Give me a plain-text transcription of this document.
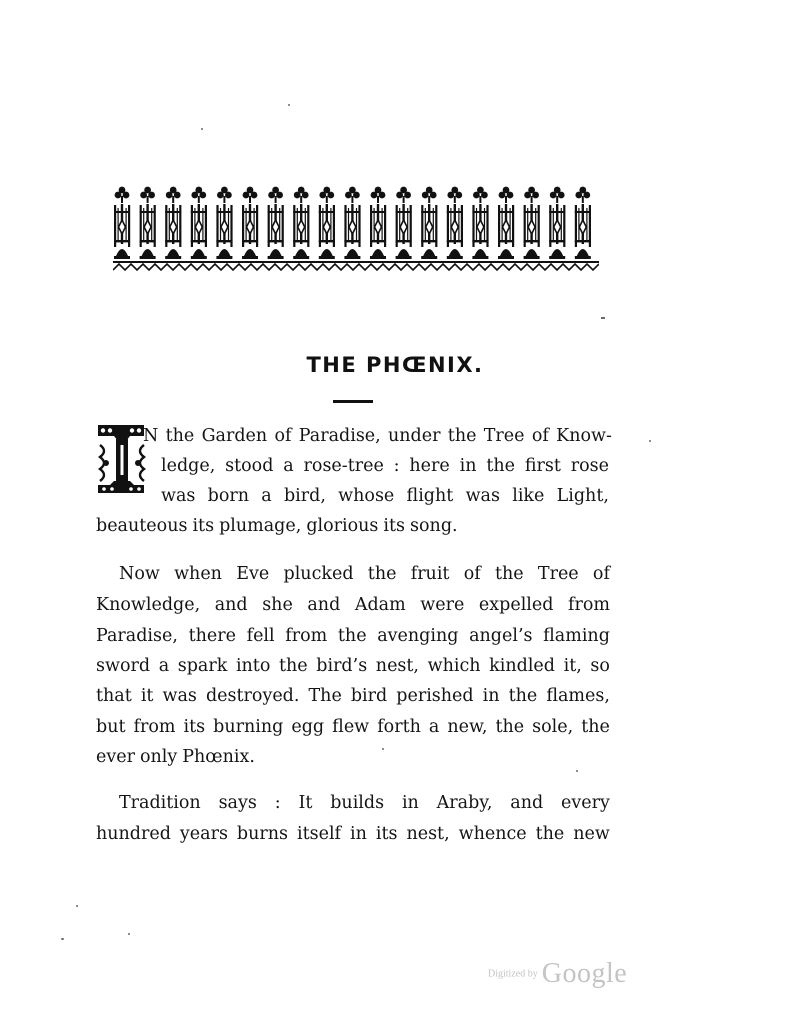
THE PHŒNIX.
N the Garden of Paradise, under the Tree of Know-
ledge, stood a rose-tree : here in the first rose
was born a bird, whose flight was like Light,
beauteous its plumage, glorious its song.
Now when Eve plucked the fruit of the Tree of
Knowledge, and she and Adam were expelled from
Paradise, there fell from the avenging angel’s flaming
sword a spark into the bird’s nest, which kindled it, so
that it was destroyed. The bird perished in the flames,
but from its burning egg flew forth a new, the sole, the
ever only Phœnix.
Tradition says : It builds in Araby, and every
hundred years burns itself in its nest, whence the new
Digitized by Google
